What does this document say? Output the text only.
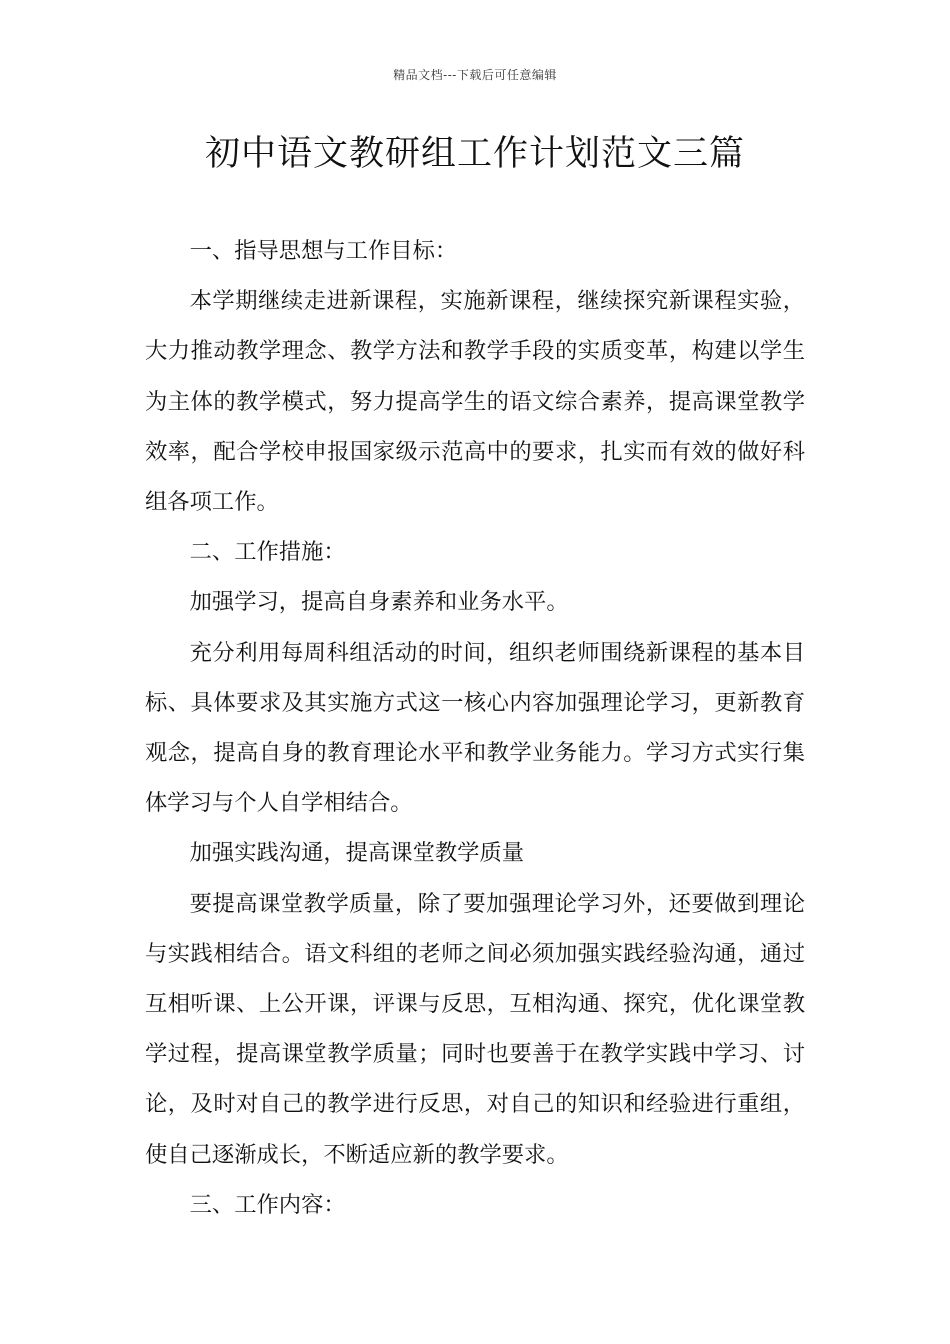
精品文档---下载后可任意编辑
初中语文教研组工作计划范文三篇

一、指导思想与工作目标：

本学期继续走进新课程，实施新课程，继续探究新课程实验，大力推动教学理念、教学方法和教学手段的实质变革，构建以学生为主体的教学模式，努力提高学生的语文综合素养，提高课堂教学效率，配合学校申报国家级示范高中的要求，扎实而有效的做好科组各项工作。

二、工作措施：

加强学习，提高自身素养和业务水平。

充分利用每周科组活动的时间，组织老师围绕新课程的基本目标、具体要求及其实施方式这一核心内容加强理论学习，更新教育观念，提高自身的教育理论水平和教学业务能力。学习方式实行集体学习与个人自学相结合。

加强实践沟通，提高课堂教学质量

要提高课堂教学质量，除了要加强理论学习外，还要做到理论与实践相结合。语文科组的老师之间必须加强实践经验沟通，通过互相听课、上公开课，评课与反思，互相沟通、探究，优化课堂教学过程，提高课堂教学质量；同时也要善于在教学实践中学习、讨论，及时对自己的教学进行反思，对自己的知识和经验进行重组，使自己逐渐成长，不断适应新的教学要求。

三、工作内容：
